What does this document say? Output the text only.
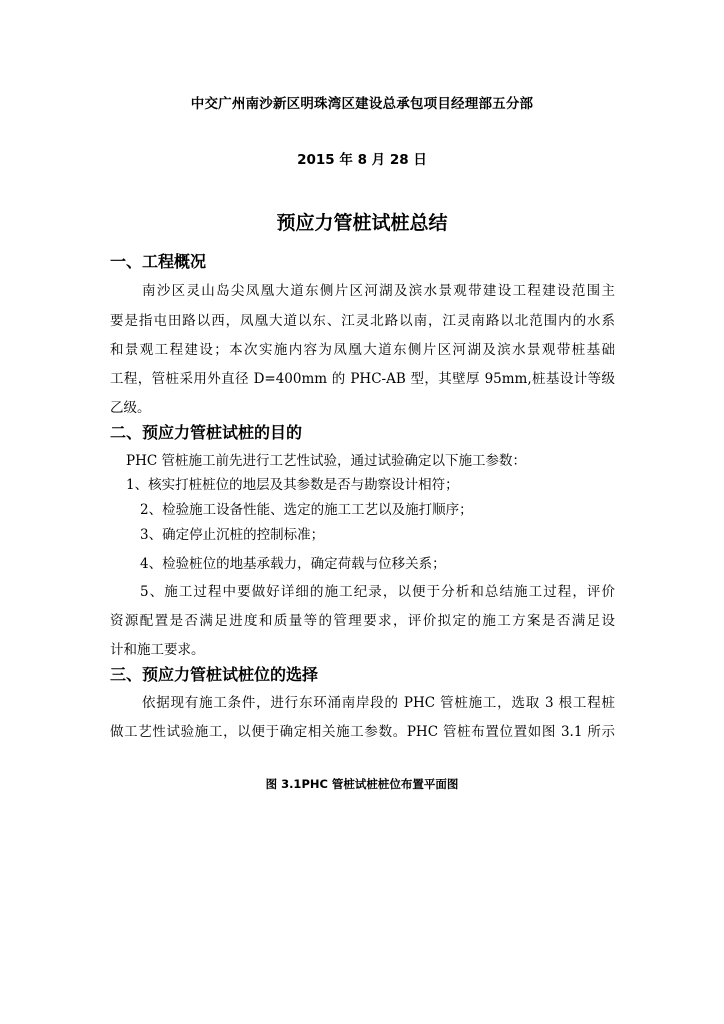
中交广州南沙新区明珠湾区建设总承包项目经理部五分部
2015 年 8 月 28 日
预应力管桩试桩总结
一、工程概况
南沙区灵山岛尖凤凰大道东侧片区河湖及滨水景观带建设工程建设范围主
要是指屯田路以西，凤凰大道以东、江灵北路以南，江灵南路以北范围内的水系
和景观工程建设；本次实施内容为凤凰大道东侧片区河湖及滨水景观带桩基础
工程，管桩采用外直径 D=400mm 的 PHC-AB 型，其壁厚 95mm,桩基设计等级
乙级。
二、预应力管桩试桩的目的
PHC 管桩施工前先进行工艺性试验，通过试验确定以下施工参数：
1、核实打桩桩位的地层及其参数是否与勘察设计相符；
2、检验施工设备性能、选定的施工工艺以及施打顺序；
3、确定停止沉桩的控制标准；
4、检验桩位的地基承载力，确定荷载与位移关系；
5、施工过程中要做好详细的施工纪录，以便于分析和总结施工过程，评价
资源配置是否满足进度和质量等的管理要求，评价拟定的施工方案是否满足设
计和施工要求。
三、预应力管桩试桩位的选择
依据现有施工条件，进行东环涌南岸段的 PHC 管桩施工，选取 3 根工程桩
做工艺性试验施工，以便于确定相关施工参数。PHC 管桩布置位置如图 3.1 所示
图 3.1PHC 管桩试桩桩位布置平面图
